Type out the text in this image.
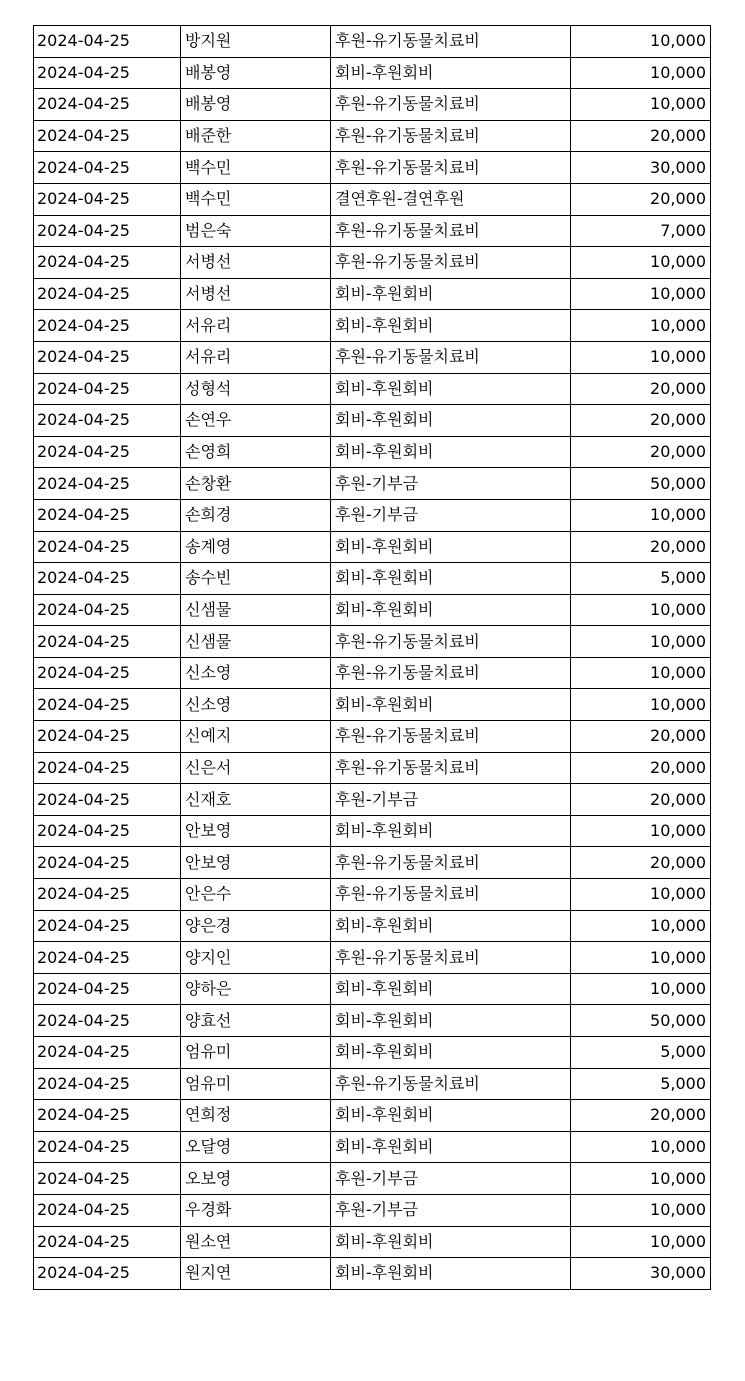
2024-04-25	방지원	후원-유기동물치료비	10,000
2024-04-25	배봉영	회비-후원회비	10,000
2024-04-25	배봉영	후원-유기동물치료비	10,000
2024-04-25	배준한	후원-유기동물치료비	20,000
2024-04-25	백수민	후원-유기동물치료비	30,000
2024-04-25	백수민	결연후원-결연후원	20,000
2024-04-25	범은숙	후원-유기동물치료비	7,000
2024-04-25	서병선	후원-유기동물치료비	10,000
2024-04-25	서병선	회비-후원회비	10,000
2024-04-25	서유리	회비-후원회비	10,000
2024-04-25	서유리	후원-유기동물치료비	10,000
2024-04-25	성형석	회비-후원회비	20,000
2024-04-25	손연우	회비-후원회비	20,000
2024-04-25	손영희	회비-후원회비	20,000
2024-04-25	손창환	후원-기부금	50,000
2024-04-25	손희경	후원-기부금	10,000
2024-04-25	송계영	회비-후원회비	20,000
2024-04-25	송수빈	회비-후원회비	5,000
2024-04-25	신샘물	회비-후원회비	10,000
2024-04-25	신샘물	후원-유기동물치료비	10,000
2024-04-25	신소영	후원-유기동물치료비	10,000
2024-04-25	신소영	회비-후원회비	10,000
2024-04-25	신예지	후원-유기동물치료비	20,000
2024-04-25	신은서	후원-유기동물치료비	20,000
2024-04-25	신재호	후원-기부금	20,000
2024-04-25	안보영	회비-후원회비	10,000
2024-04-25	안보영	후원-유기동물치료비	20,000
2024-04-25	안은수	후원-유기동물치료비	10,000
2024-04-25	양은경	회비-후원회비	10,000
2024-04-25	양지인	후원-유기동물치료비	10,000
2024-04-25	양하은	회비-후원회비	10,000
2024-04-25	양효선	회비-후원회비	50,000
2024-04-25	엄유미	회비-후원회비	5,000
2024-04-25	엄유미	후원-유기동물치료비	5,000
2024-04-25	연희정	회비-후원회비	20,000
2024-04-25	오달영	회비-후원회비	10,000
2024-04-25	오보영	후원-기부금	10,000
2024-04-25	우경화	후원-기부금	10,000
2024-04-25	원소연	회비-후원회비	10,000
2024-04-25	원지연	회비-후원회비	30,000
